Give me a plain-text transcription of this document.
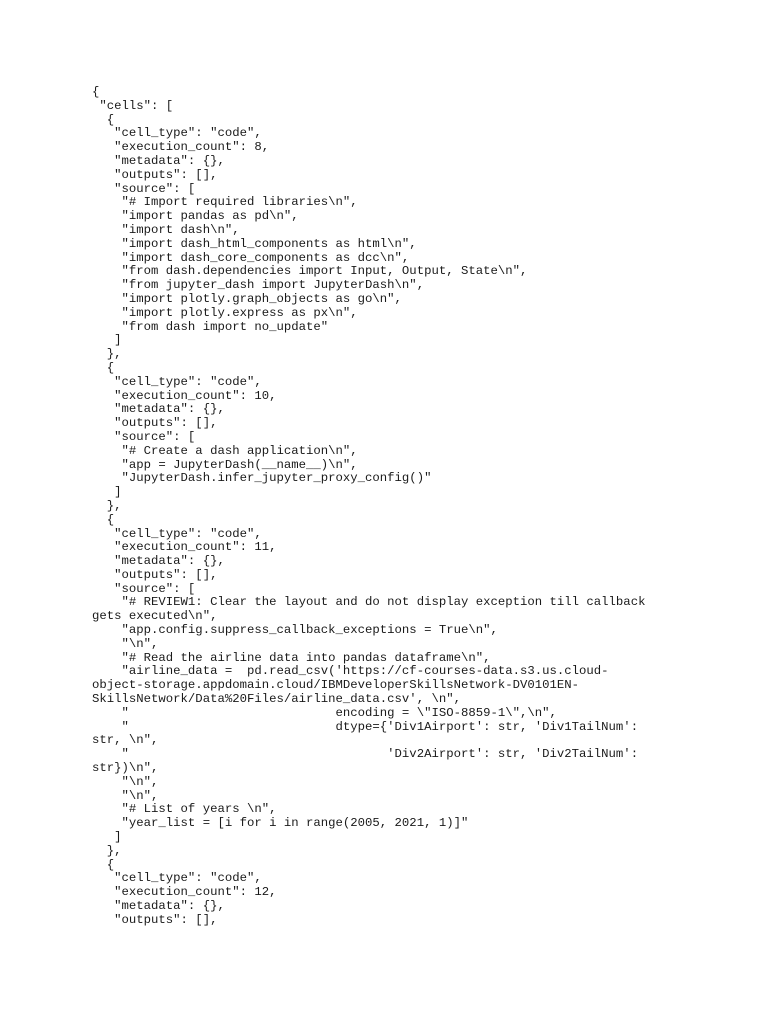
{
"cells": [
{
"cell_type": "code",
"execution_count": 8,
"metadata": {},
"outputs": [],
"source": [
"# Import required libraries\n",
"import pandas as pd\n",
"import dash\n",
"import dash_html_components as html\n",
"import dash_core_components as dcc\n",
"from dash.dependencies import Input, Output, State\n",
"from jupyter_dash import JupyterDash\n",
"import plotly.graph_objects as go\n",
"import plotly.express as px\n",
"from dash import no_update"
]
},
{
"cell_type": "code",
"execution_count": 10,
"metadata": {},
"outputs": [],
"source": [
"# Create a dash application\n",
"app = JupyterDash(__name__)\n",
"JupyterDash.infer_jupyter_proxy_config()"
]
},
{
"cell_type": "code",
"execution_count": 11,
"metadata": {},
"outputs": [],
"source": [
"# REVIEW1: Clear the layout and do not display exception till callback
gets executed\n",
"app.config.suppress_callback_exceptions = True\n",
"\n",
"# Read the airline data into pandas dataframe\n",
"airline_data =  pd.read_csv('https://cf-courses-data.s3.us.cloud-
object-storage.appdomain.cloud/IBMDeveloperSkillsNetwork-DV0101EN-
SkillsNetwork/Data%20Files/airline_data.csv', \n",
"                            encoding = \"ISO-8859-1\",\n",
"                            dtype={'Div1Airport': str, 'Div1TailNum':
str, \n",
"                                   'Div2Airport': str, 'Div2TailNum':
str})\n",
"\n",
"\n",
"# List of years \n",
"year_list = [i for i in range(2005, 2021, 1)]"
]
},
{
"cell_type": "code",
"execution_count": 12,
"metadata": {},
"outputs": [],
